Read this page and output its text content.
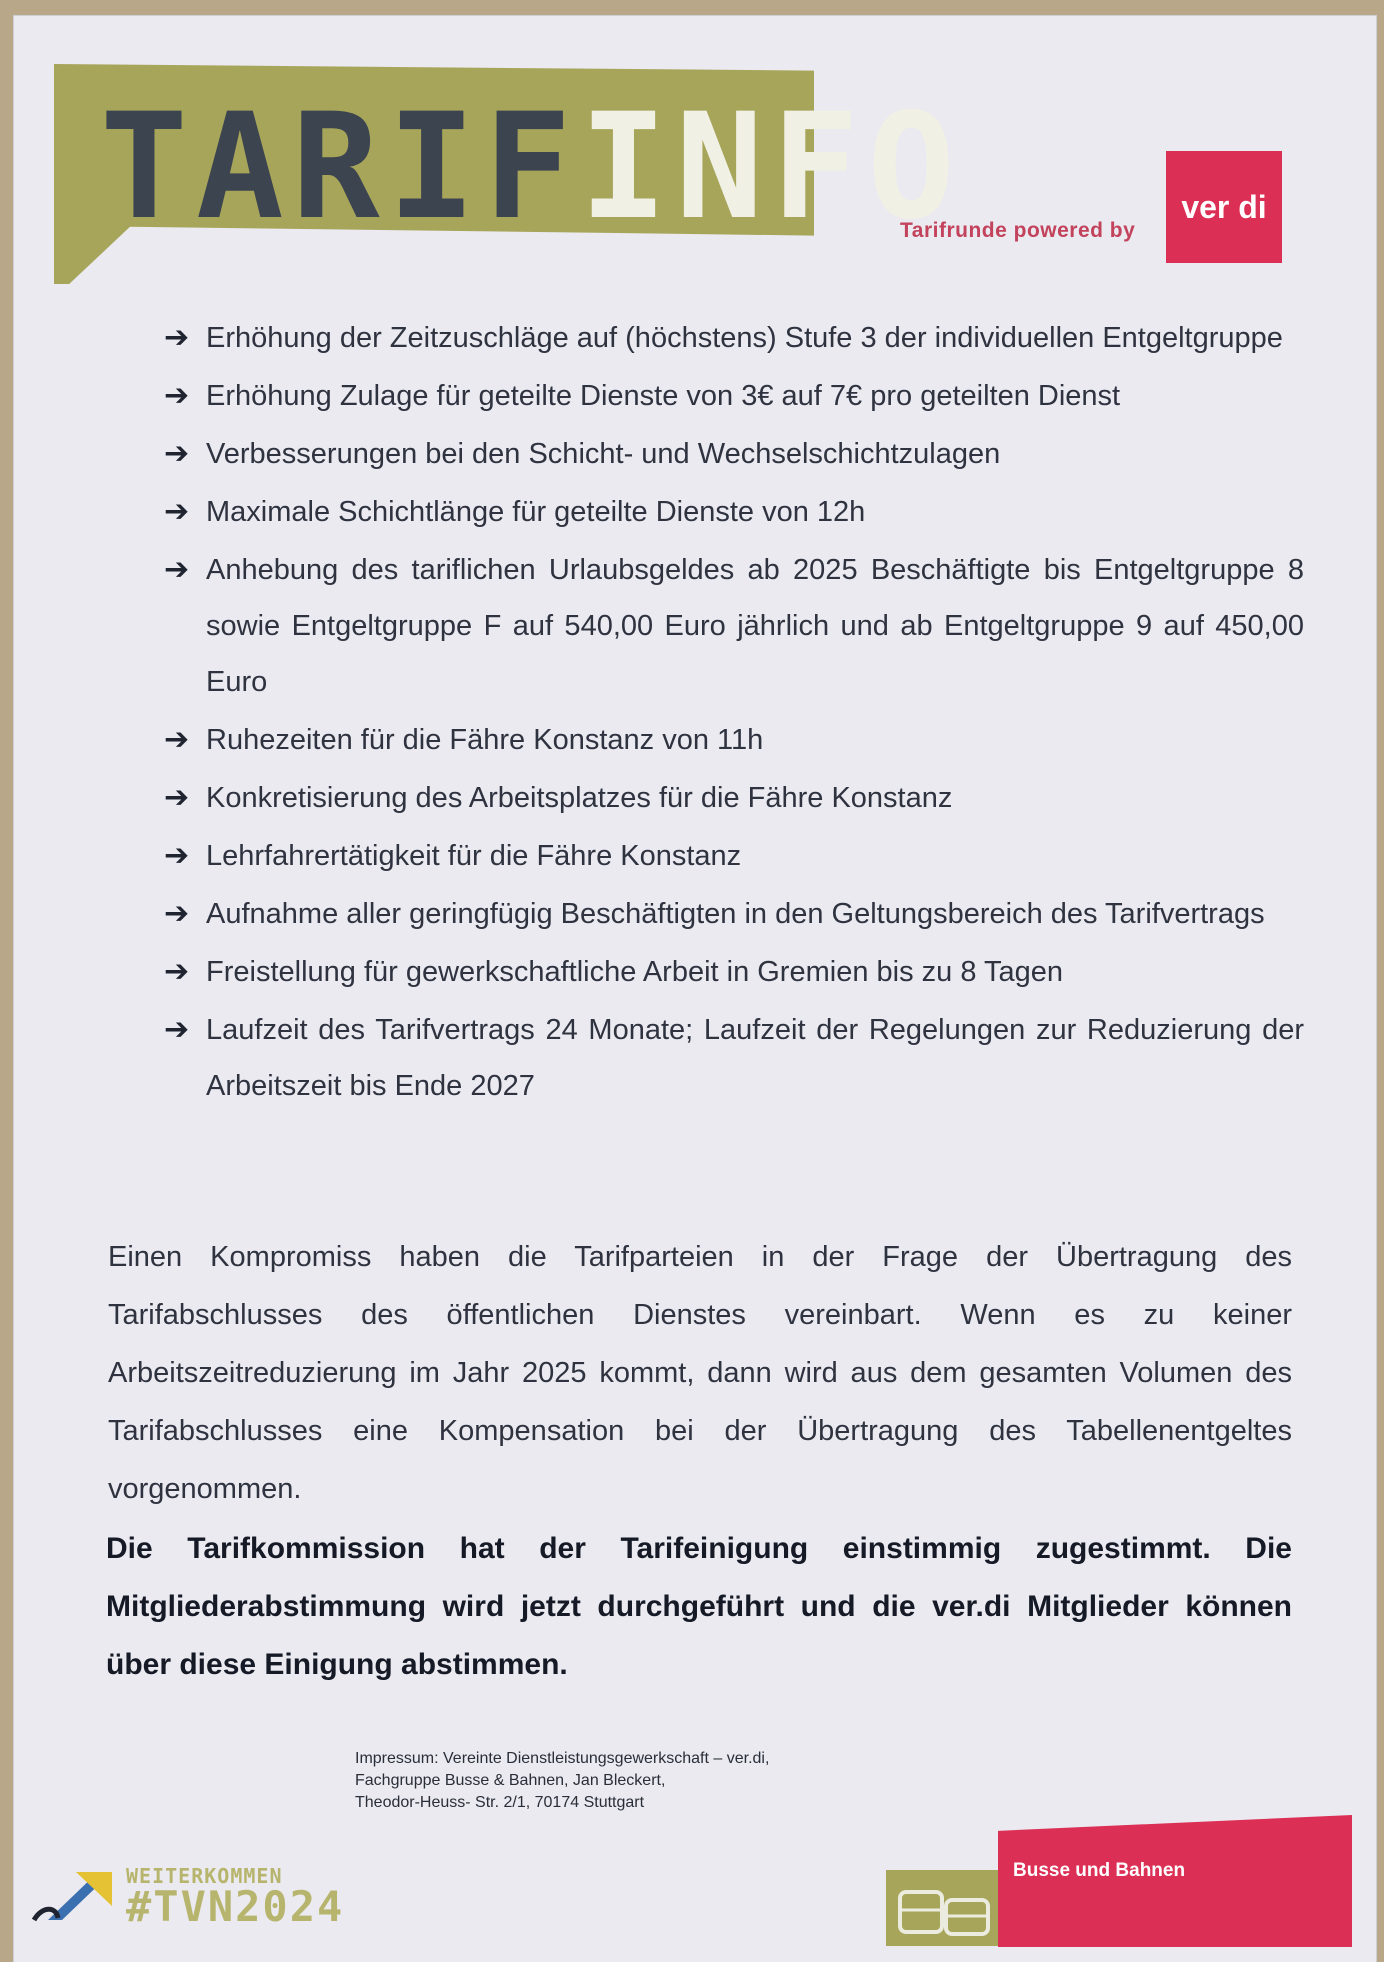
TARIFINFO
Tarifrunde powered by
ver di
➔ Erhöhung der Zeitzuschläge auf (höchstens) Stufe 3 der individuellen Entgeltgruppe
➔ Erhöhung Zulage für geteilte Dienste von 3€ auf 7€ pro geteilten Dienst
➔ Verbesserungen bei den Schicht- und Wechselschichtzulagen
➔ Maximale Schichtlänge für geteilte Dienste von 12h
➔ Anhebung des tariflichen Urlaubsgeldes ab 2025 Beschäftigte bis Entgeltgruppe 8 sowie Entgeltgruppe F auf 540,00 Euro jährlich und ab Entgeltgruppe 9 auf 450,00 Euro
➔ Ruhezeiten für die Fähre Konstanz von 11h
➔ Konkretisierung des Arbeitsplatzes für die Fähre Konstanz
➔ Lehrfahrertätigkeit für die Fähre Konstanz
➔ Aufnahme aller geringfügig Beschäftigten in den Geltungsbereich des Tarifvertrags
➔ Freistellung für gewerkschaftliche Arbeit in Gremien bis zu 8 Tagen
➔ Laufzeit des Tarifvertrags 24 Monate; Laufzeit der Regelungen zur Reduzierung der Arbeitszeit bis Ende 2027

Einen Kompromiss haben die Tarifparteien in der Frage der Übertragung des Tarifabschlusses des öffentlichen Dienstes vereinbart. Wenn es zu keiner Arbeitszeitreduzierung im Jahr 2025 kommt, dann wird aus dem gesamten Volumen des Tarifabschlusses eine Kompensation bei der Übertragung des Tabellenentgeltes vorgenommen.

Die Tarifkommission hat der Tarifeinigung einstimmig zugestimmt. Die Mitgliederabstimmung wird jetzt durchgeführt und die ver.di Mitglieder können über diese Einigung abstimmen.

Impressum: Vereinte Dienstleistungsgewerkschaft – ver.di,
Fachgruppe Busse & Bahnen, Jan Bleckert,
Theodor-Heuss- Str. 2/1, 70174 Stuttgart
WEITERKOMMEN
#TVN2024
Busse und Bahnen
